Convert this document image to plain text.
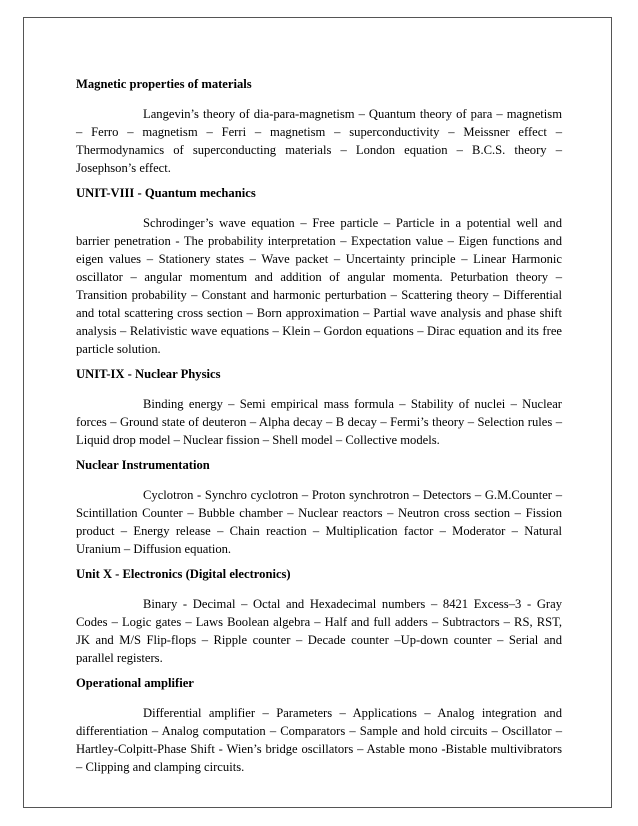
Magnetic properties of materials

Langevin’s theory of dia-para-magnetism – Quantum theory of para – magnetism – Ferro – magnetism – Ferri – magnetism – superconductivity – Meissner effect – Thermodynamics of superconducting materials – London equation – B.C.S. theory – Josephson’s effect.

UNIT-VIII - Quantum mechanics

Schrodinger’s wave equation – Free particle – Particle in a potential well and barrier penetration - The probability interpretation – Expectation value – Eigen functions and eigen values – Stationery states – Wave packet – Uncertainty principle – Linear Harmonic oscillator – angular momentum and addition of angular momenta. Peturbation theory – Transition probability – Constant and harmonic perturbation – Scattering theory – Differential and total scattering cross section – Born approximation – Partial wave analysis and phase shift analysis – Relativistic wave equations – Klein – Gordon equations – Dirac equation and its free particle solution.

UNIT-IX - Nuclear Physics

Binding energy – Semi empirical mass formula – Stability of nuclei – Nuclear forces – Ground state of deuteron – Alpha decay – B decay – Fermi’s theory – Selection rules – Liquid drop model – Nuclear fission – Shell model – Collective models.

Nuclear Instrumentation

Cyclotron - Synchro cyclotron – Proton synchrotron – Detectors – G.M.Counter – Scintillation Counter – Bubble chamber – Nuclear reactors – Neutron cross section – Fission product – Energy release – Chain reaction – Multiplication factor – Moderator – Natural Uranium – Diffusion equation.

Unit X - Electronics (Digital electronics)

Binary - Decimal – Octal and Hexadecimal numbers – 8421 Excess–3 - Gray Codes – Logic gates – Laws Boolean algebra – Half and full adders – Subtractors – RS, RST, JK and M/S Flip-flops – Ripple counter – Decade counter –Up-down counter – Serial and parallel registers.

Operational amplifier

Differential amplifier – Parameters – Applications – Analog integration and differentiation – Analog computation – Comparators – Sample and hold circuits – Oscillator – Hartley-Colpitt-Phase Shift - Wien’s bridge oscillators – Astable mono -Bistable multivibrators – Clipping and clamping circuits.
